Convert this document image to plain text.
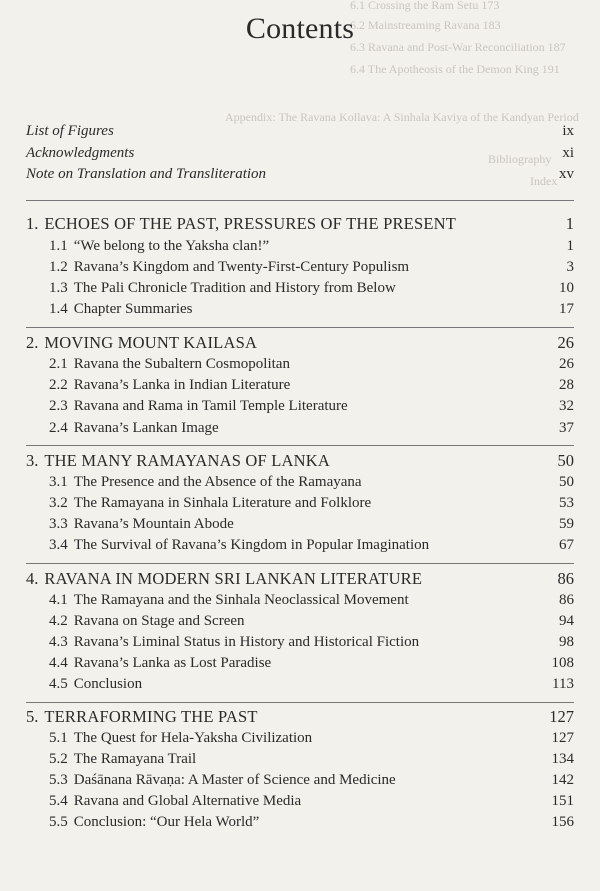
6.1 Crossing the Ram Setu 173
6.2 Mainstreaming Ravana 183
6.3 Ravana and Post-War Reconciliation 187
6.4 The Apotheosis of the Demon King 191
Appendix: The Ravana Kollava: A Sinhala Kaviya of the Kandyan Period
Bibliography
Index
Contents
List of Figures	ix
Acknowledgments	xi
Note on Translation and Transliteration	xv
1. ECHOES OF THE PAST, PRESSURES OF THE PRESENT	1
1.1 “We belong to the Yaksha clan!”	1
1.2 Ravana’s Kingdom and Twenty-First-Century Populism	3
1.3 The Pali Chronicle Tradition and History from Below	10
1.4 Chapter Summaries	17
2. MOVING MOUNT KAILASA	26
2.1 Ravana the Subaltern Cosmopolitan	26
2.2 Ravana’s Lanka in Indian Literature	28
2.3 Ravana and Rama in Tamil Temple Literature	32
2.4 Ravana’s Lankan Image	37
3. THE MANY RAMAYANAS OF LANKA	50
3.1 The Presence and the Absence of the Ramayana	50
3.2 The Ramayana in Sinhala Literature and Folklore	53
3.3 Ravana’s Mountain Abode	59
3.4 The Survival of Ravana’s Kingdom in Popular Imagination	67
4. RAVANA IN MODERN SRI LANKAN LITERATURE	86
4.1 The Ramayana and the Sinhala Neoclassical Movement	86
4.2 Ravana on Stage and Screen	94
4.3 Ravana’s Liminal Status in History and Historical Fiction	98
4.4 Ravana’s Lanka as Lost Paradise	108
4.5 Conclusion	113
5. TERRAFORMING THE PAST	127
5.1 The Quest for Hela-Yaksha Civilization	127
5.2 The Ramayana Trail	134
5.3 Daśānana Rāvaṇa: A Master of Science and Medicine	142
5.4 Ravana and Global Alternative Media	151
5.5 Conclusion: “Our Hela World”	156
